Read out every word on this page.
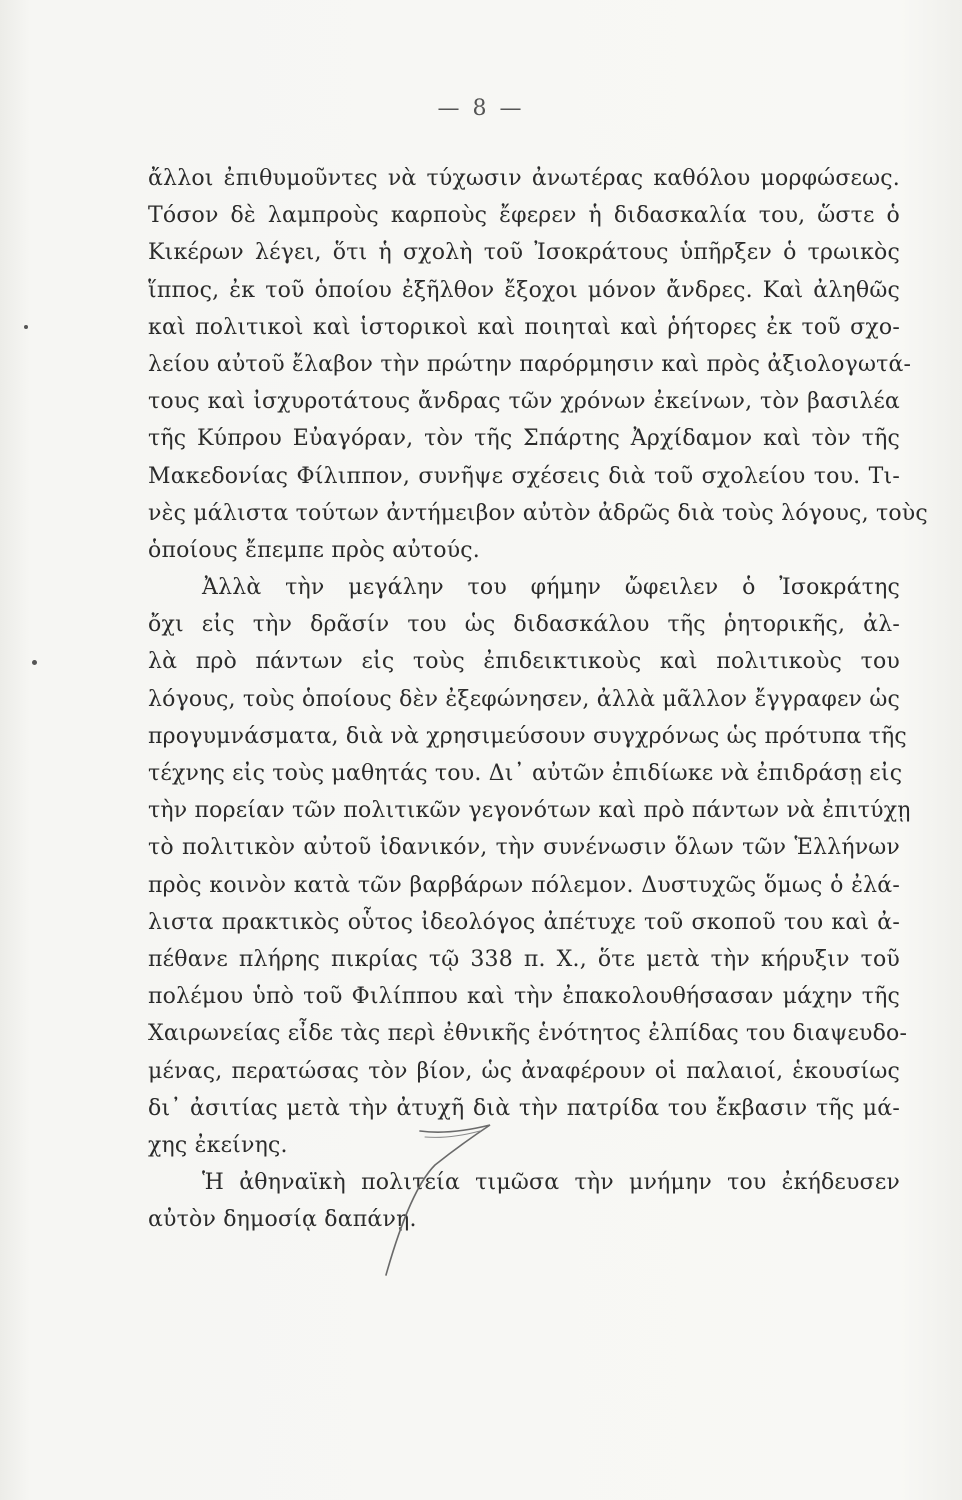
— 8 —
ἄλλοι ἐπιθυμοῦντες νὰ τύχωσιν ἀνωτέρας καθόλου μορφώσεως.
Τόσον δὲ λαμπροὺς καρποὺς ἔφερεν ἡ διδασκαλία του, ὥστε ὁ
Κικέρων λέγει, ὅτι ἡ σχολὴ τοῦ Ἰσοκράτους ὑπῆρξεν ὁ τρωικὸς
ἵππος, ἐκ τοῦ ὁποίου ἐξῆλθον ἔξοχοι μόνον ἄνδρες. Καὶ ἀληθῶς
καὶ πολιτικοὶ καὶ ἱστορικοὶ καὶ ποιηταὶ καὶ ῥήτορες ἐκ τοῦ σχο-
λείου αὐτοῦ ἔλαβον τὴν πρώτην παρόρμησιν καὶ πρὸς ἀξιολογωτά-
τους καὶ ἰσχυροτάτους ἄνδρας τῶν χρόνων ἐκείνων, τὸν βασιλέα
τῆς Κύπρου Εὐαγόραν, τὸν τῆς Σπάρτης Ἀρχίδαμον καὶ τὸν τῆς
Μακεδονίας Φίλιππον, συνῆψε σχέσεις διὰ τοῦ σχολείου του. Τι-
νὲς μάλιστα τούτων ἀντήμειβον αὐτὸν ἀδρῶς διὰ τοὺς λόγους, τοὺς
ὁποίους ἔπεμπε πρὸς αὐτούς.
Ἀλλὰ τὴν μεγάλην του φήμην ὤφειλεν ὁ Ἰσοκράτης
ὄχι εἰς τὴν δρᾶσίν του ὡς διδασκάλου τῆς ῥητορικῆς, ἀλ-
λὰ πρὸ πάντων εἰς τοὺς ἐπιδεικτικοὺς καὶ πολιτικοὺς του
λόγους, τοὺς ὁποίους δὲν ἐξεφώνησεν, ἀλλὰ μᾶλλον ἔγγραφεν ὡς
προγυμνάσματα, διὰ νὰ χρησιμεύσουν συγχρόνως ὡς πρότυπα τῆς
τέχνης εἰς τοὺς μαθητάς του. Δι᾽ αὐτῶν ἐπιδίωκε νὰ ἐπιδράσῃ εἰς
τὴν πορείαν τῶν πολιτικῶν γεγονότων καὶ πρὸ πάντων νὰ ἐπιτύχῃ
τὸ πολιτικὸν αὐτοῦ ἰδανικόν, τὴν συνένωσιν ὅλων τῶν Ἑλλήνων
πρὸς κοινὸν κατὰ τῶν βαρβάρων πόλεμον. Δυστυχῶς ὅμως ὁ ἐλά-
λιστα πρακτικὸς οὗτος ἰδεολόγος ἀπέτυχε τοῦ σκοποῦ του καὶ ἀ-
πέθανε πλήρης πικρίας τῷ 338 π. Χ., ὅτε μετὰ τὴν κήρυξιν τοῦ
πολέμου ὑπὸ τοῦ Φιλίππου καὶ τὴν ἐπακολουθήσασαν μάχην τῆς
Χαιρωνείας εἶδε τὰς περὶ ἐθνικῆς ἑνότητος ἐλπίδας του διαψευδο-
μένας, περατώσας τὸν βίον, ὡς ἀναφέρουν οἱ παλαιοί, ἑκουσίως
δι᾽ ἀσιτίας μετὰ τὴν ἀτυχῆ διὰ τὴν πατρίδα του ἔκβασιν τῆς μά-
χης ἐκείνης.
Ἡ ἀθηναϊκὴ πολιτεία τιμῶσα τὴν μνήμην του ἐκήδευσεν
αὐτὸν δημοσίᾳ δαπάνῃ.
